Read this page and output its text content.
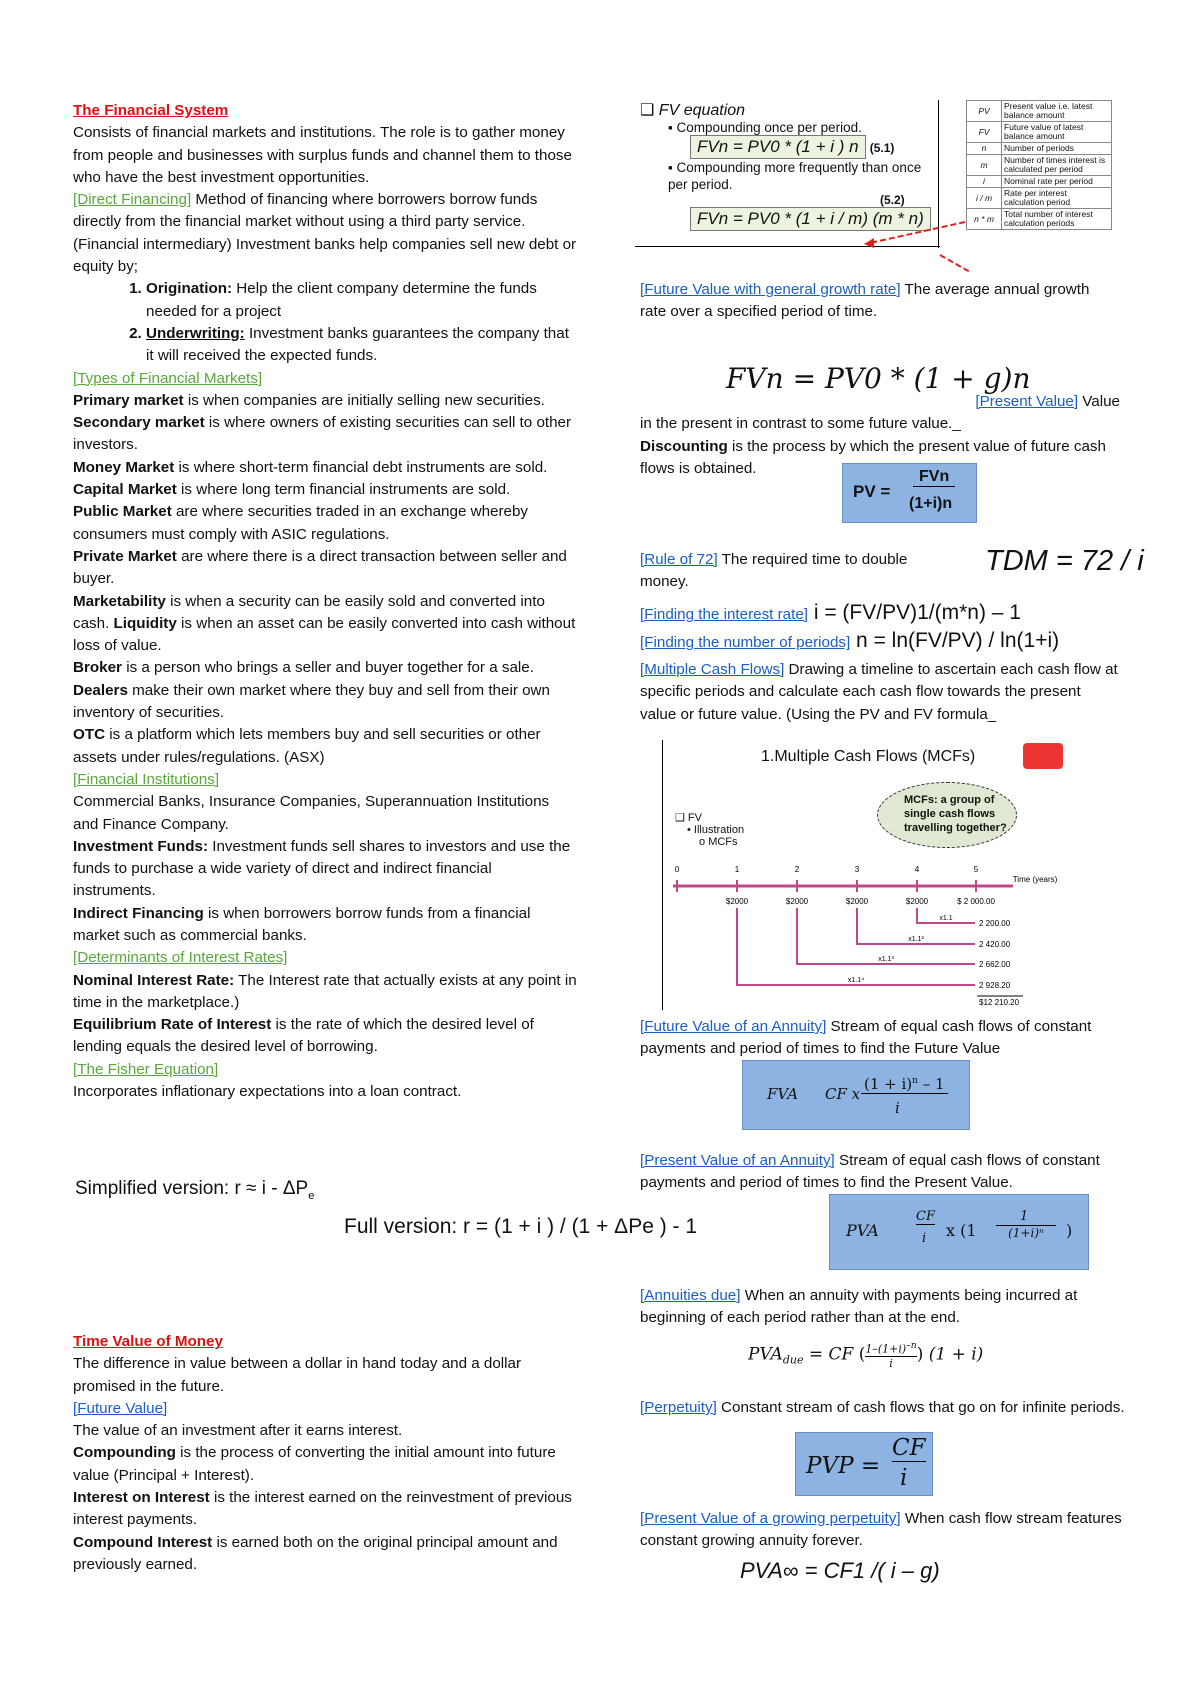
The Financial System

Consists of financial markets and institutions. The role is to gather money from people and businesses with surplus funds and channel them to those who have the best investment opportunities.

[Direct Financing] Method of financing where borrowers borrow funds directly from the financial market without using a third party service. (Financial intermediary) Investment banks help companies sell new debt or equity by;

1. Origination: Help the client company determine the funds needed for a project
2. Underwriting: Investment banks guarantees the company that it will received the expected funds.

[Types of Financial Markets]

Primary market is when companies are initially selling new securities. Secondary market is where owners of existing securities can sell to other investors.

Money Market is where short-term financial debt instruments are sold.

Capital Market is where long term financial instruments are sold.

Public Market are where securities traded in an exchange whereby consumers must comply with ASIC regulations.

Private Market are where there is a direct transaction between seller and buyer.

Marketability is when a security can be easily sold and converted into cash. Liquidity is when an asset can be easily converted into cash without loss of value.

Broker is a person who brings a seller and buyer together for a sale. Dealers make their own market where they buy and sell from their own inventory of securities.

OTC is a platform which lets members buy and sell securities or other assets under rules/regulations. (ASX)

[Financial Institutions]

Commercial Banks, Insurance Companies, Superannuation Institutions and Finance Company.

Investment Funds: Investment funds sell shares to investors and use the funds to purchase a wide variety of direct and indirect financial instruments.

Indirect Financing is when borrowers borrow funds from a financial market such as commercial banks.

[Determinants of Interest Rates]

Nominal Interest Rate: The Interest rate that actually exists at any point in time in the marketplace.)

Equilibrium Rate of Interest is the rate of which the desired level of lending equals the desired level of borrowing.

[The Fisher Equation]

Incorporates inflationary expectations into a loan contract.

Simplified version: $r \approx i - \Delta P_e$
Full version: r = (1 + i ) / (1 + ΔPe ) - 1

Time Value of Money

The difference in value between a dollar in hand today and a dollar promised in the future.

[Future Value]

The value of an investment after it earns interest.

Compounding is the process of converting the initial amount into future value (Principal + Interest).

Interest on Interest is the interest earned on the reinvestment of previous interest payments.

Compound Interest is earned both on the original principal amount and previously earned.

❑ FV equation
▪ Compounding once per period.
FVn = PV0 * (1 + i ) n (5.1)
▪ Compounding more frequently than once per period.
(5.2)
FVn = PV0 * (1 + i / m) (m * n)
PV	Present value i.e. latest balance amount
FV	Future value of latest balance amount
n	Number of periods
m	Number of times interest is calculated per period
i	Nominal rate per period
i / m	Rate per interest calculation period
n * m	Total number of interest calculation periods

[Future Value with general growth rate] The average annual growth rate over a specified period of time.

FVn = PV0 * (1 + g)n

[Present Value] Value

in the present in contrast to some future value._

Discounting is the process by which the present value of future cash flows is obtained.

PV =
FVn
(1+i)n

[Rule of 72] The required time to double money.

TDM = 72 / i

[Finding the interest rate] i = (FV/PV)1/(m*n) – 1

[Finding the number of periods] n = ln(FV/PV) / ln(1+i)

[Multiple Cash Flows] Drawing a timeline to ascertain each cash flow at specific periods and calculate each cash flow towards the present value or future value. (Using the PV and FV formula_

1.Multiple Cash Flows (MCFs)
MCFs: a group of single cash flows travelling together?
❑ FV
• Illustration
o MCFs
0	1	2	3	4	5
Time (years)
$2000	$2000	$2000	$2000	$ 2 000.00
2 200.00
2 420.00
2 662.00
2 928.20
$12 210.20
x1.1
x1.1²
x1.1³
x1.1⁴

[Future Value of an Annuity] Stream of equal cash flows of constant payments and period of times to find the Future Value

FVA CF x
$(1 + i)^n - 1$
i

[Present Value of an Annuity] Stream of equal cash flows of constant payments and period of times to find the Present Value.

PVA
CF
i x (1
1
(1+i)ⁿ	)

[Annuities due] When an annuity with payments being incurred at beginning of each period rather than at the end.

$PVA_{due}$ = CF ( $\frac{1-(1+i)^{-n}}{i}$ ) (1 + i)

[Perpetuity] Constant stream of cash flows that go on for infinite periods.

PVP =
CF
i

[Present Value of a growing perpetuity] When cash flow stream features constant growing annuity forever.

PVA∞ = CF1 /( i – g)
